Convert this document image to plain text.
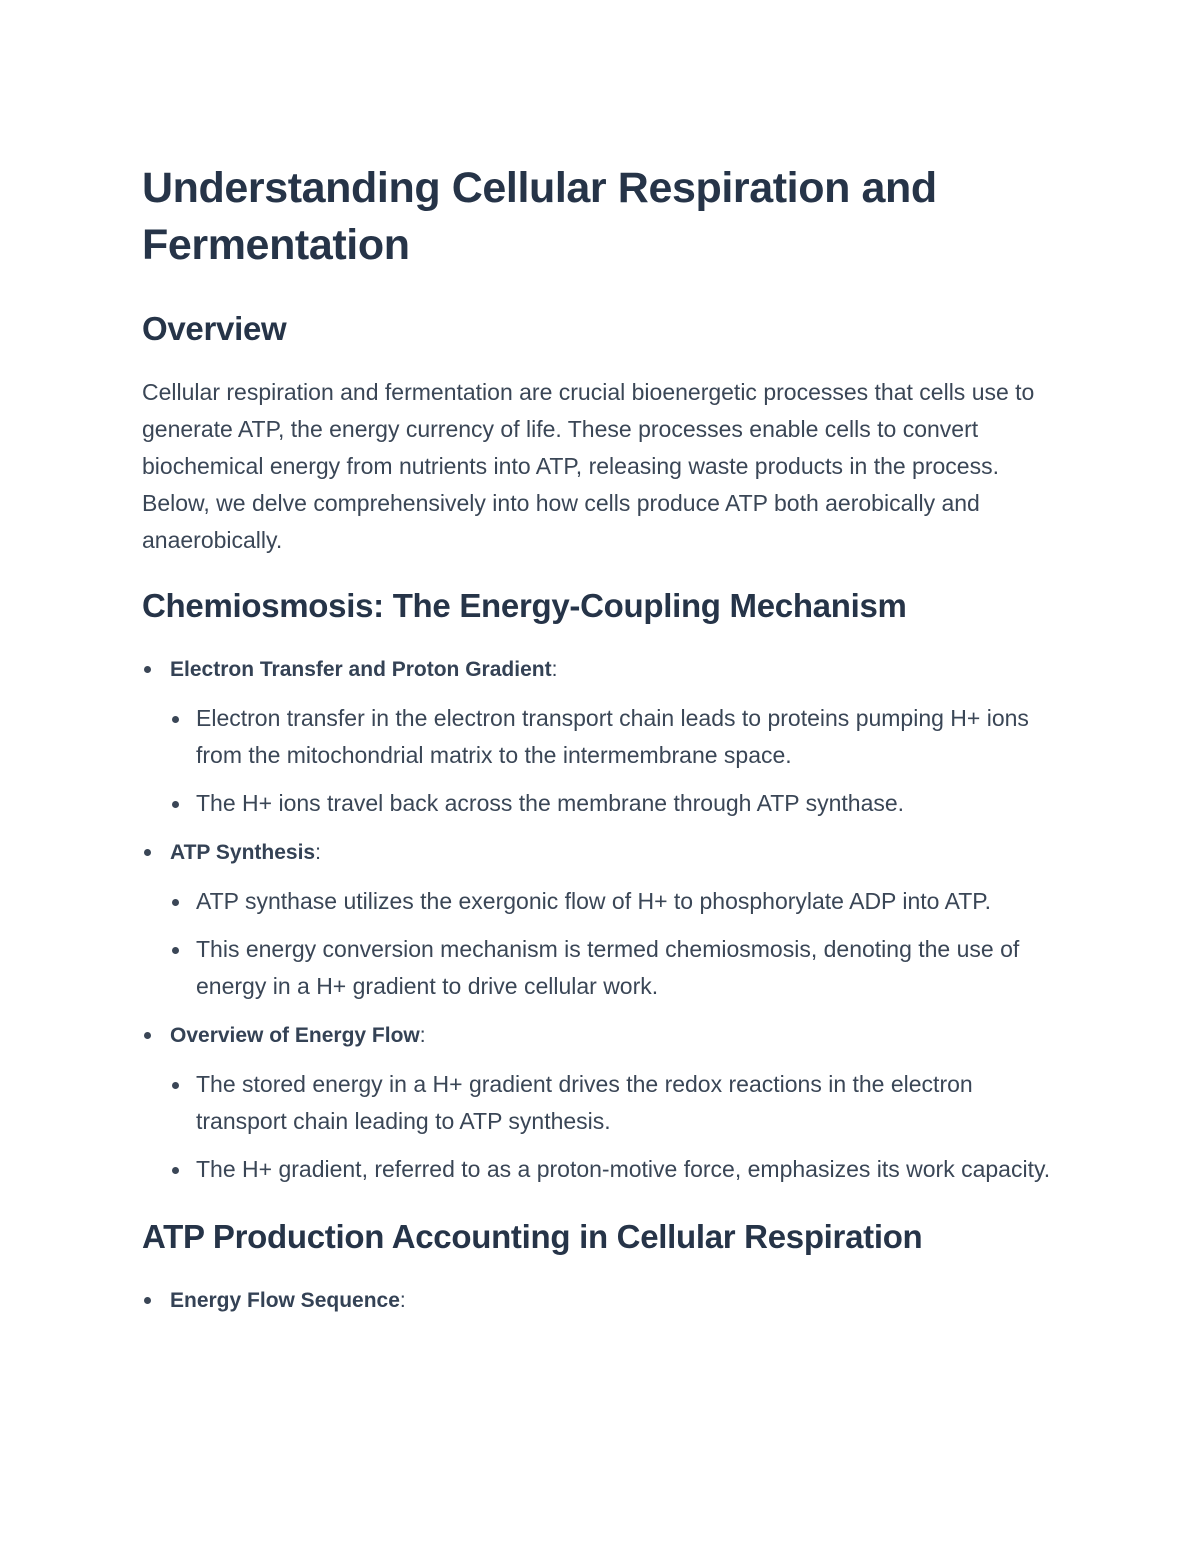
Understanding Cellular Respiration and Fermentation
Overview

Cellular respiration and fermentation are crucial bioenergetic processes that cells use to generate ATP, the energy currency of life. These processes enable cells to convert biochemical energy from nutrients into ATP, releasing waste products in the process. Below, we delve comprehensively into how cells produce ATP both aerobically and anaerobically.

Chemiosmosis: The Energy-Coupling Mechanism
Electron Transfer and Proton Gradient:
Electron transfer in the electron transport chain leads to proteins pumping H+ ions from the mitochondrial matrix to the intermembrane space.
The H+ ions travel back across the membrane through ATP synthase.
ATP Synthesis:
ATP synthase utilizes the exergonic flow of H+ to phosphorylate ADP into ATP.
This energy conversion mechanism is termed chemiosmosis, denoting the use of energy in a H+ gradient to drive cellular work.
Overview of Energy Flow:
The stored energy in a H+ gradient drives the redox reactions in the electron transport chain leading to ATP synthesis.
The H+ gradient, referred to as a proton-motive force, emphasizes its work capacity.
ATP Production Accounting in Cellular Respiration
Energy Flow Sequence:
